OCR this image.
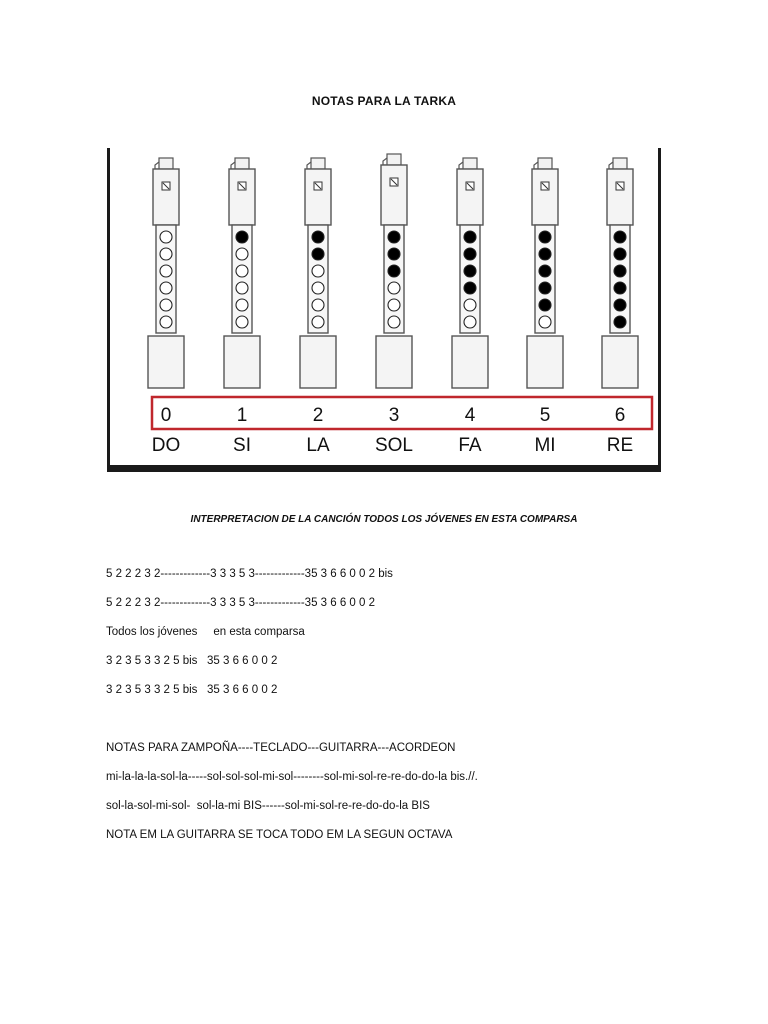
NOTAS PARA LA TARKA
0	1	2	3	4	5	6
DO	SI	LA SOL FA	MI	RE
INTERPRETACION DE LA CANCIÓN TODOS LOS JÓVENES EN ESTA COMPARSA
5 2 2 2 3 2-------------3 3 3 5 3-------------35 3 6 6 0 0 2 bis
5 2 2 2 3 2-------------3 3 3 5 3-------------35 3 6 6 0 0 2
Todos los jóvenes     en esta comparsa
3 2 3 5 3 3 2 5 bis   35 3 6 6 0 0 2
3 2 3 5 3 3 2 5 bis   35 3 6 6 0 0 2
NOTAS PARA ZAMPOÑA----TECLADO---GUITARRA---ACORDEON
mi-la-la-la-sol-la-----sol-sol-sol-mi-sol--------sol-mi-sol-re-re-do-do-la bis.//.
sol-la-sol-mi-sol-  sol-la-mi BIS------sol-mi-sol-re-re-do-do-la BIS
NOTA EM LA GUITARRA SE TOCA TODO EM LA SEGUN OCTAVA
